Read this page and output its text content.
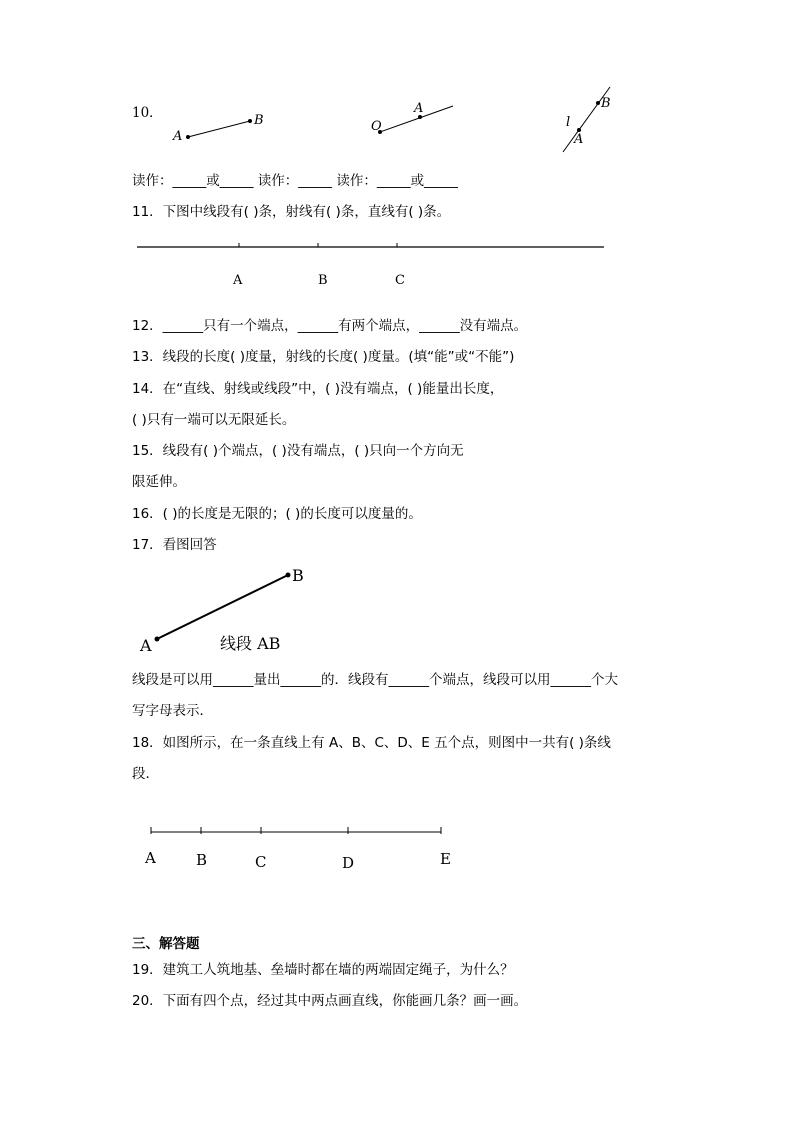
10．
A
B	O
A
l
A
B
读作：_____或_____ 读作：_____ 读作：_____或_____
11．下图中线段有( )条，射线有( )条，直线有( )条。
A	B	C
12．______只有一个端点，______有两个端点，______没有端点。
13．线段的长度( )度量，射线的长度( )度量。(填“能”或“不能”)
14．在“直线、射线或线段”中，( )没有端点，( )能量出长度，
( )只有一端可以无限延长。
15．线段有( )个端点，( )没有端点，( )只向一个方向无
限延伸。
16．( )的长度是无限的；( )的长度可以度量的。
17．看图回答
A
B
线段 AB
线段是可以用______量出______的．线段有______个端点，线段可以用______个大
写字母表示．
18．如图所示，在一条直线上有 A、B、C、D、E 五个点，则图中一共有( )条线
段．
A	B	C	D	E
三、解答题
19．建筑工人筑地基、垒墙时都在墙的两端固定绳子，为什么？
20．下面有四个点，经过其中两点画直线，你能画几条？画一画。
